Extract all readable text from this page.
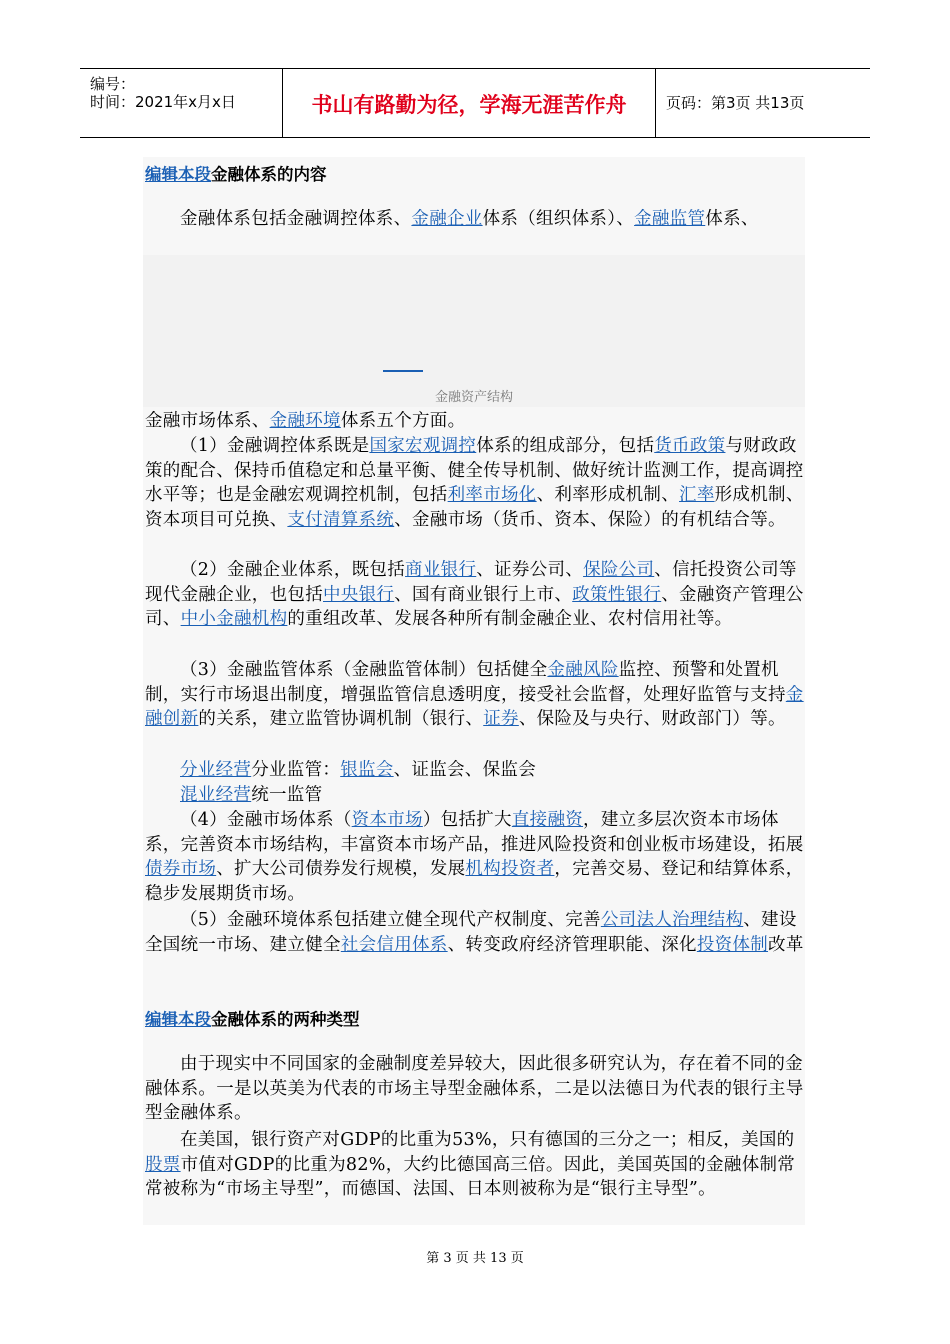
编号：
时间：2021年x月x日	书山有路勤为径，学海无涯苦作舟	页码：第3页 共13页
编辑本段金融体系的内容
金融体系包括金融调控体系、金融企业体系（组织体系）、金融监管体系、
金融资产结构
金融市场体系、金融环境体系五个方面。
（1）金融调控体系既是国家宏观调控体系的组成部分，包括货币政策与财政政策的配合、保持币值稳定和总量平衡、健全传导机制、做好统计监测工作，提高调控水平等；也是金融宏观调控机制，包括利率市场化、利率形成机制、汇率形成机制、资本项目可兑换、支付清算系统、金融市场（货币、资本、保险）的有机结合等。
（2）金融企业体系，既包括商业银行、证券公司、保险公司、信托投资公司等现代金融企业，也包括中央银行、国有商业银行上市、政策性银行、金融资产管理公司、中小金融机构的重组改革、发展各种所有制金融企业、农村信用社等。
（3）金融监管体系（金融监管体制）包括健全金融风险监控、预警和处置机制，实行市场退出制度，增强监管信息透明度，接受社会监督，处理好监管与支持金融创新的关系，建立监管协调机制（银行、证券、保险及与央行、财政部门）等。
分业经营分业监管：银监会、证监会、保监会
混业经营统一监管
（4）金融市场体系（资本市场）包括扩大直接融资，建立多层次资本市场体系，完善资本市场结构，丰富资本市场产品，推进风险投资和创业板市场建设，拓展债券市场、扩大公司债券发行规模，发展机构投资者，完善交易、登记和结算体系，稳步发展期货市场。
（5）金融环境体系包括建立健全现代产权制度、完善公司法人治理结构、建设全国统一市场、建立健全社会信用体系、转变政府经济管理职能、深化投资体制改革
编辑本段金融体系的两种类型
由于现实中不同国家的金融制度差异较大，因此很多研究认为，存在着不同的金融体系。一是以英美为代表的市场主导型金融体系，二是以法德日为代表的银行主导型金融体系。
在美国，银行资产对GDP的比重为53%，只有德国的三分之一；相反，美国的股票市值对GDP的比重为82%，大约比德国高三倍。因此，美国英国的金融体制常常被称为“市场主导型”，而德国、法国、日本则被称为是“银行主导型”。
第 3 页 共 13 页
